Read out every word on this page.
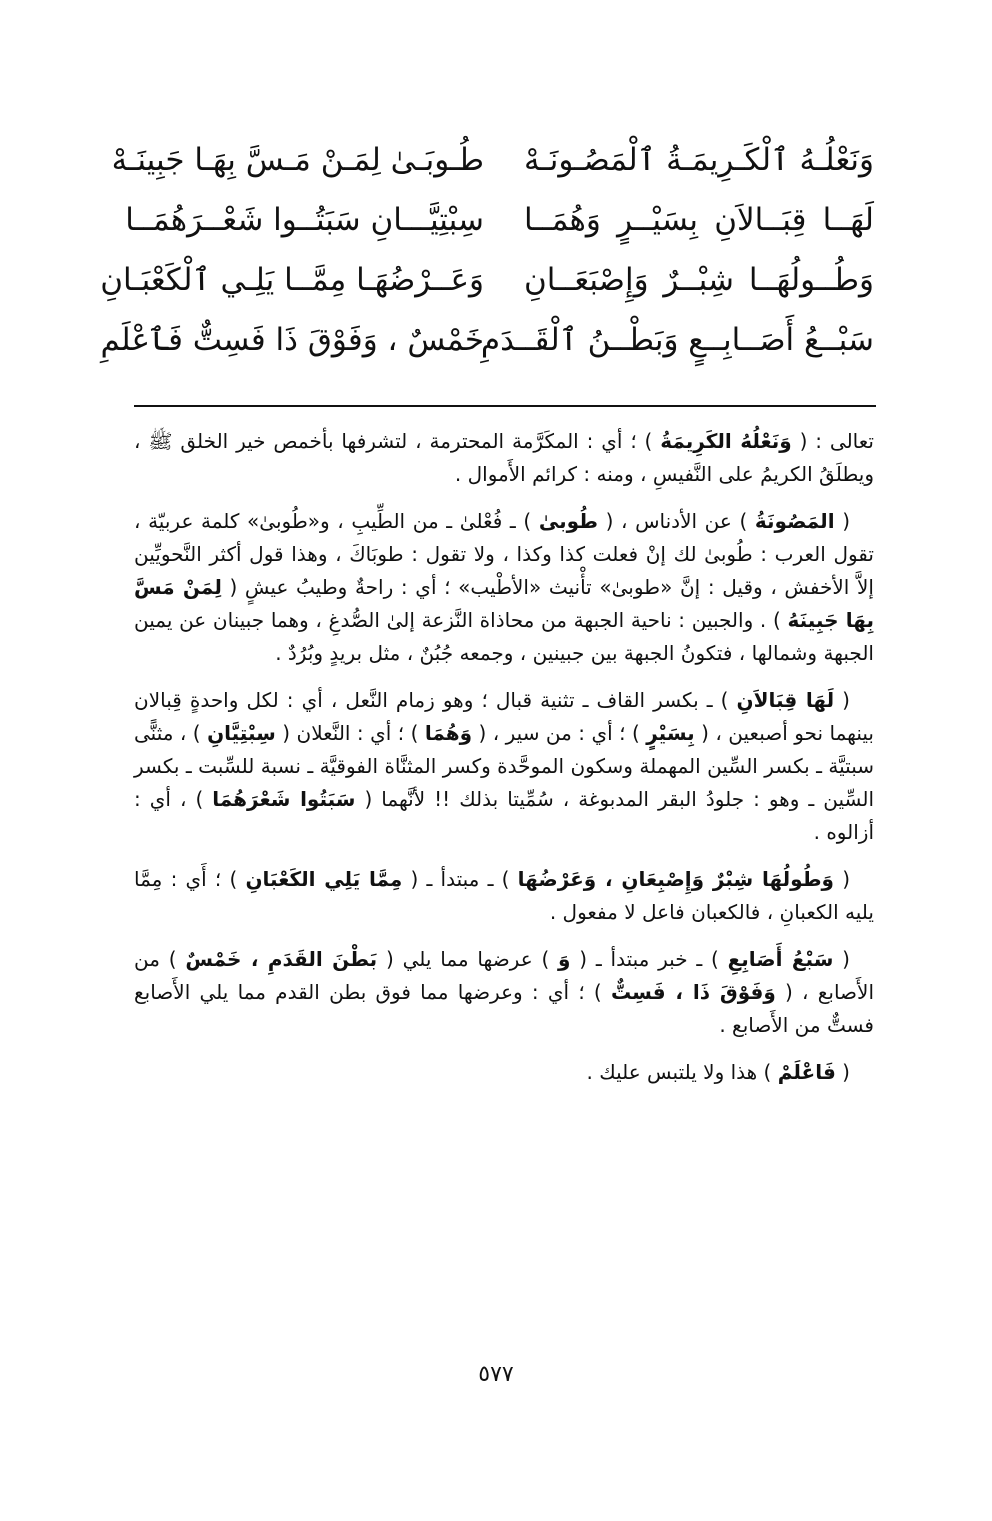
وَنَعْلُـهُ ٱلْكَـرِيمَـةُ ٱلْمَصُـونَـهْ
طُـوبَـىٰ لِمَـنْ مَـسَّ بِهَـا جَبِينَـهْ
لَهَــا قِبَــالاَنِ بِسَيْــرٍ وَهُمَــا
سِبْتِيَّـــانِ سَبَتُــوا شَعْــرَهُمَــا
وَطُــولُهَــا شِبْــرٌ وَإِصْبَعَــانِ
وَعَــرْضُهَـا مِمَّــا يَلِـي ٱلْكَعْبَـانِ
سَبْــعُ أَصَــابِــعٍ وَبَطْــنُ ٱلْقَــدَمِ
خَمْسٌ ، وَفَوْقَ ذَا فَسِتٌّ فَٱعْلَمِ

تعالى : ( وَنَعْلُهُ الكَرِيمَةُ ) ؛ أي : المكَرَّمة المحترمة ، لتشرفها بأخمص خير الخلق ﷺ ، ويطلَقُ الكريمُ على النَّفيسِ ، ومنه : كرائم الأَموال .

( المَصُونَةُ ) عن الأدناس ، ( طُوبىٰ ) ـ فُعْلىٰ ـ من الطِّيبِ ، و«طُوبىٰ» كلمة عربيّة ، تقول العرب : طُوبىٰ لك إنْ فعلت كذا وكذا ، ولا تقول : طوبَاكَ ، وهذا قول أكثر النَّحويِّين إلاَّ الأخفش ، وقيل : إنَّ «طوبىٰ» تأْنيث «الأطْيب» ؛ أي : راحةٌ وطيبُ عيشٍ ( لِمَنْ مَسَّ بِهَا جَبِينَهُ ) . والجبين : ناحية الجبهة من محاذاة النَّزعة إلىٰ الصُّدغِ ، وهما جبينان عن يمين الجبهة وشمالها ، فتكونُ الجبهة بين جبينين ، وجمعه جُبُنٌ ، مثل بريدٍ وبُرُدٌ .

( لَهَا قِبَالاَنِ ) ـ بكسر القاف ـ تثنية قبال ؛ وهو زمام النَّعل ، أي : لكل واحدةٍ قِبالان بينهما نحو أصبعين ، ( بِسَيْرٍ ) ؛ أي : من سير ، ( وَهُمَا ) ؛ أي : النَّعلان ( سِبْتِيَّانِ ) ، مثنًّى سبتيَّة ـ بكسر السِّين المهملة وسكون الموحَّدة وكسر المثنَّاة الفوقيَّة ـ نسبة للسِّبت ـ بكسر السِّين ـ وهو : جلودُ البقر المدبوغة ، سُمِّيتا بذلك !! لأنَّهما ( سَبَتُوا شَعْرَهُمَا ) ، أي : أزالوه .

( وَطُولُهَا شِبْرٌ وَإِصْبِعَانِ ، وَعَرْضُهَا ) ـ مبتدأ ـ ( مِمَّا يَلِي الكَعْبَانِ ) ؛ أَي : مِمَّا يليه الكعبانِ ، فالكعبان فاعل لا مفعول .

( سَبْعُ أَصَابِعِ ) ـ خبر مبتدأ ـ ( وَ ) عرضها مما يلي ( بَطْنَ القَدَمِ ، خَمْسٌ ) من الأَصابع ، ( وَفَوْقَ ذَا ، فَسِتٌّ ) ؛ أي : وعرضها مما فوق بطن القدم مما يلي الأَصابع فستٌّ من الأَصابع .

( فَاعْلَمْ ) هذا ولا يلتبس عليك .

٥٧٧
